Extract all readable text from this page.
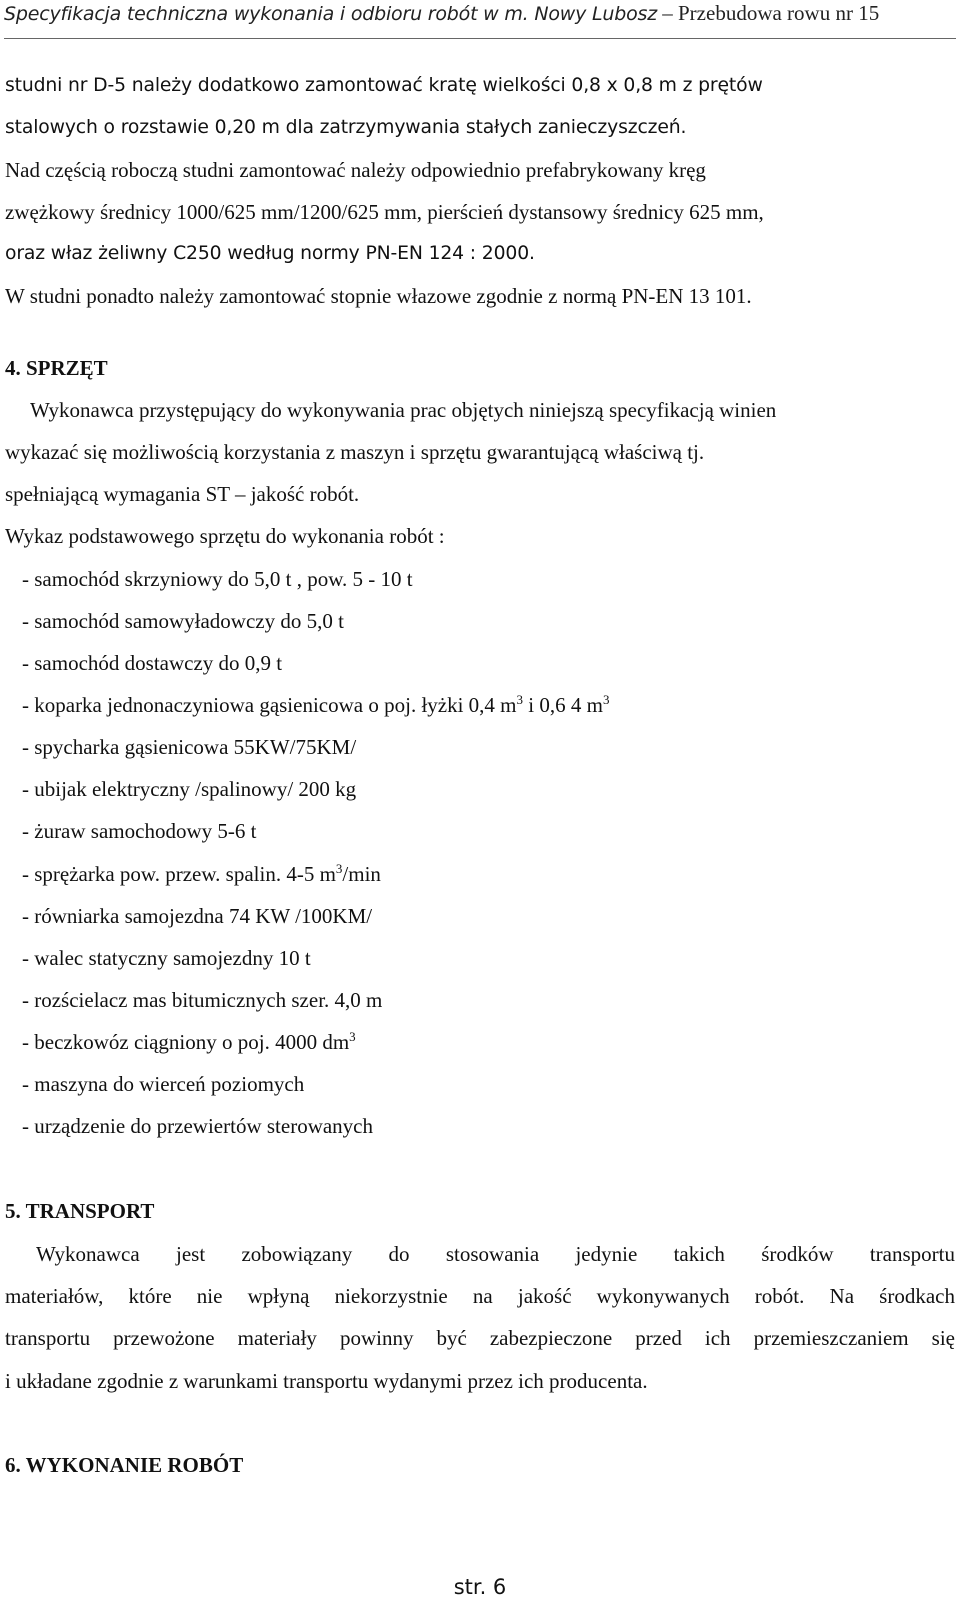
Specyfikacja techniczna wykonania i odbioru robót w m. Nowy Lubosz – Przebudowa rowu nr 15
studni nr D-5 należy dodatkowo zamontować kratę wielkości 0,8 x 0,8 m z prętów
stalowych o rozstawie 0,20 m dla zatrzymywania stałych zanieczyszczeń.
Nad częścią roboczą studni zamontować należy odpowiednio prefabrykowany kręg
zwężkowy średnicy 1000/625 mm/1200/625 mm, pierścień dystansowy średnicy 625 mm,
oraz właz żeliwny C250 według normy PN-EN 124 : 2000.
W studni ponadto należy zamontować stopnie włazowe zgodnie z normą PN-EN 13 101.
4. SPRZĘT
Wykonawca przystępujący do wykonywania prac objętych niniejszą specyfikacją winien
wykazać się możliwością korzystania z maszyn i sprzętu gwarantującą właściwą tj.
spełniającą wymagania ST – jakość robót.
Wykaz podstawowego sprzętu do wykonania robót :
- samochód skrzyniowy do 5,0 t , pow. 5 - 10 t
- samochód samowyładowczy do 5,0 t
- samochód dostawczy do 0,9 t
- koparka jednonaczyniowa gąsienicowa o poj. łyżki 0,4 $m^3$ i 0,6 4 $m^3$
- spycharka gąsienicowa 55KW/75KM/
- ubijak elektryczny /spalinowy/ 200 kg
- żuraw samochodowy 5-6 t
- sprężarka pow. przew. spalin. 4-5 $m^3/\min$
- równiarka samojezdna 74 KW /100KM/
- walec statyczny samojezdny 10 t
- rozścielacz mas bitumicznych szer. 4,0 m
- beczkowóz ciągniony o poj. 4000 $dm^3$
- maszyna do wierceń poziomych
- urządzenie do przewiertów sterowanych
5. TRANSPORT
Wykonawca jest zobowiązany do stosowania jedynie takich środków transportu
materiałów, które nie wpłyną niekorzystnie na jakość wykonywanych robót. Na środkach
transportu przewożone materiały powinny być zabezpieczone przed ich przemieszczaniem się
i układane zgodnie z warunkami transportu wydanymi przez ich producenta.
6. WYKONANIE ROBÓT
str. 6
